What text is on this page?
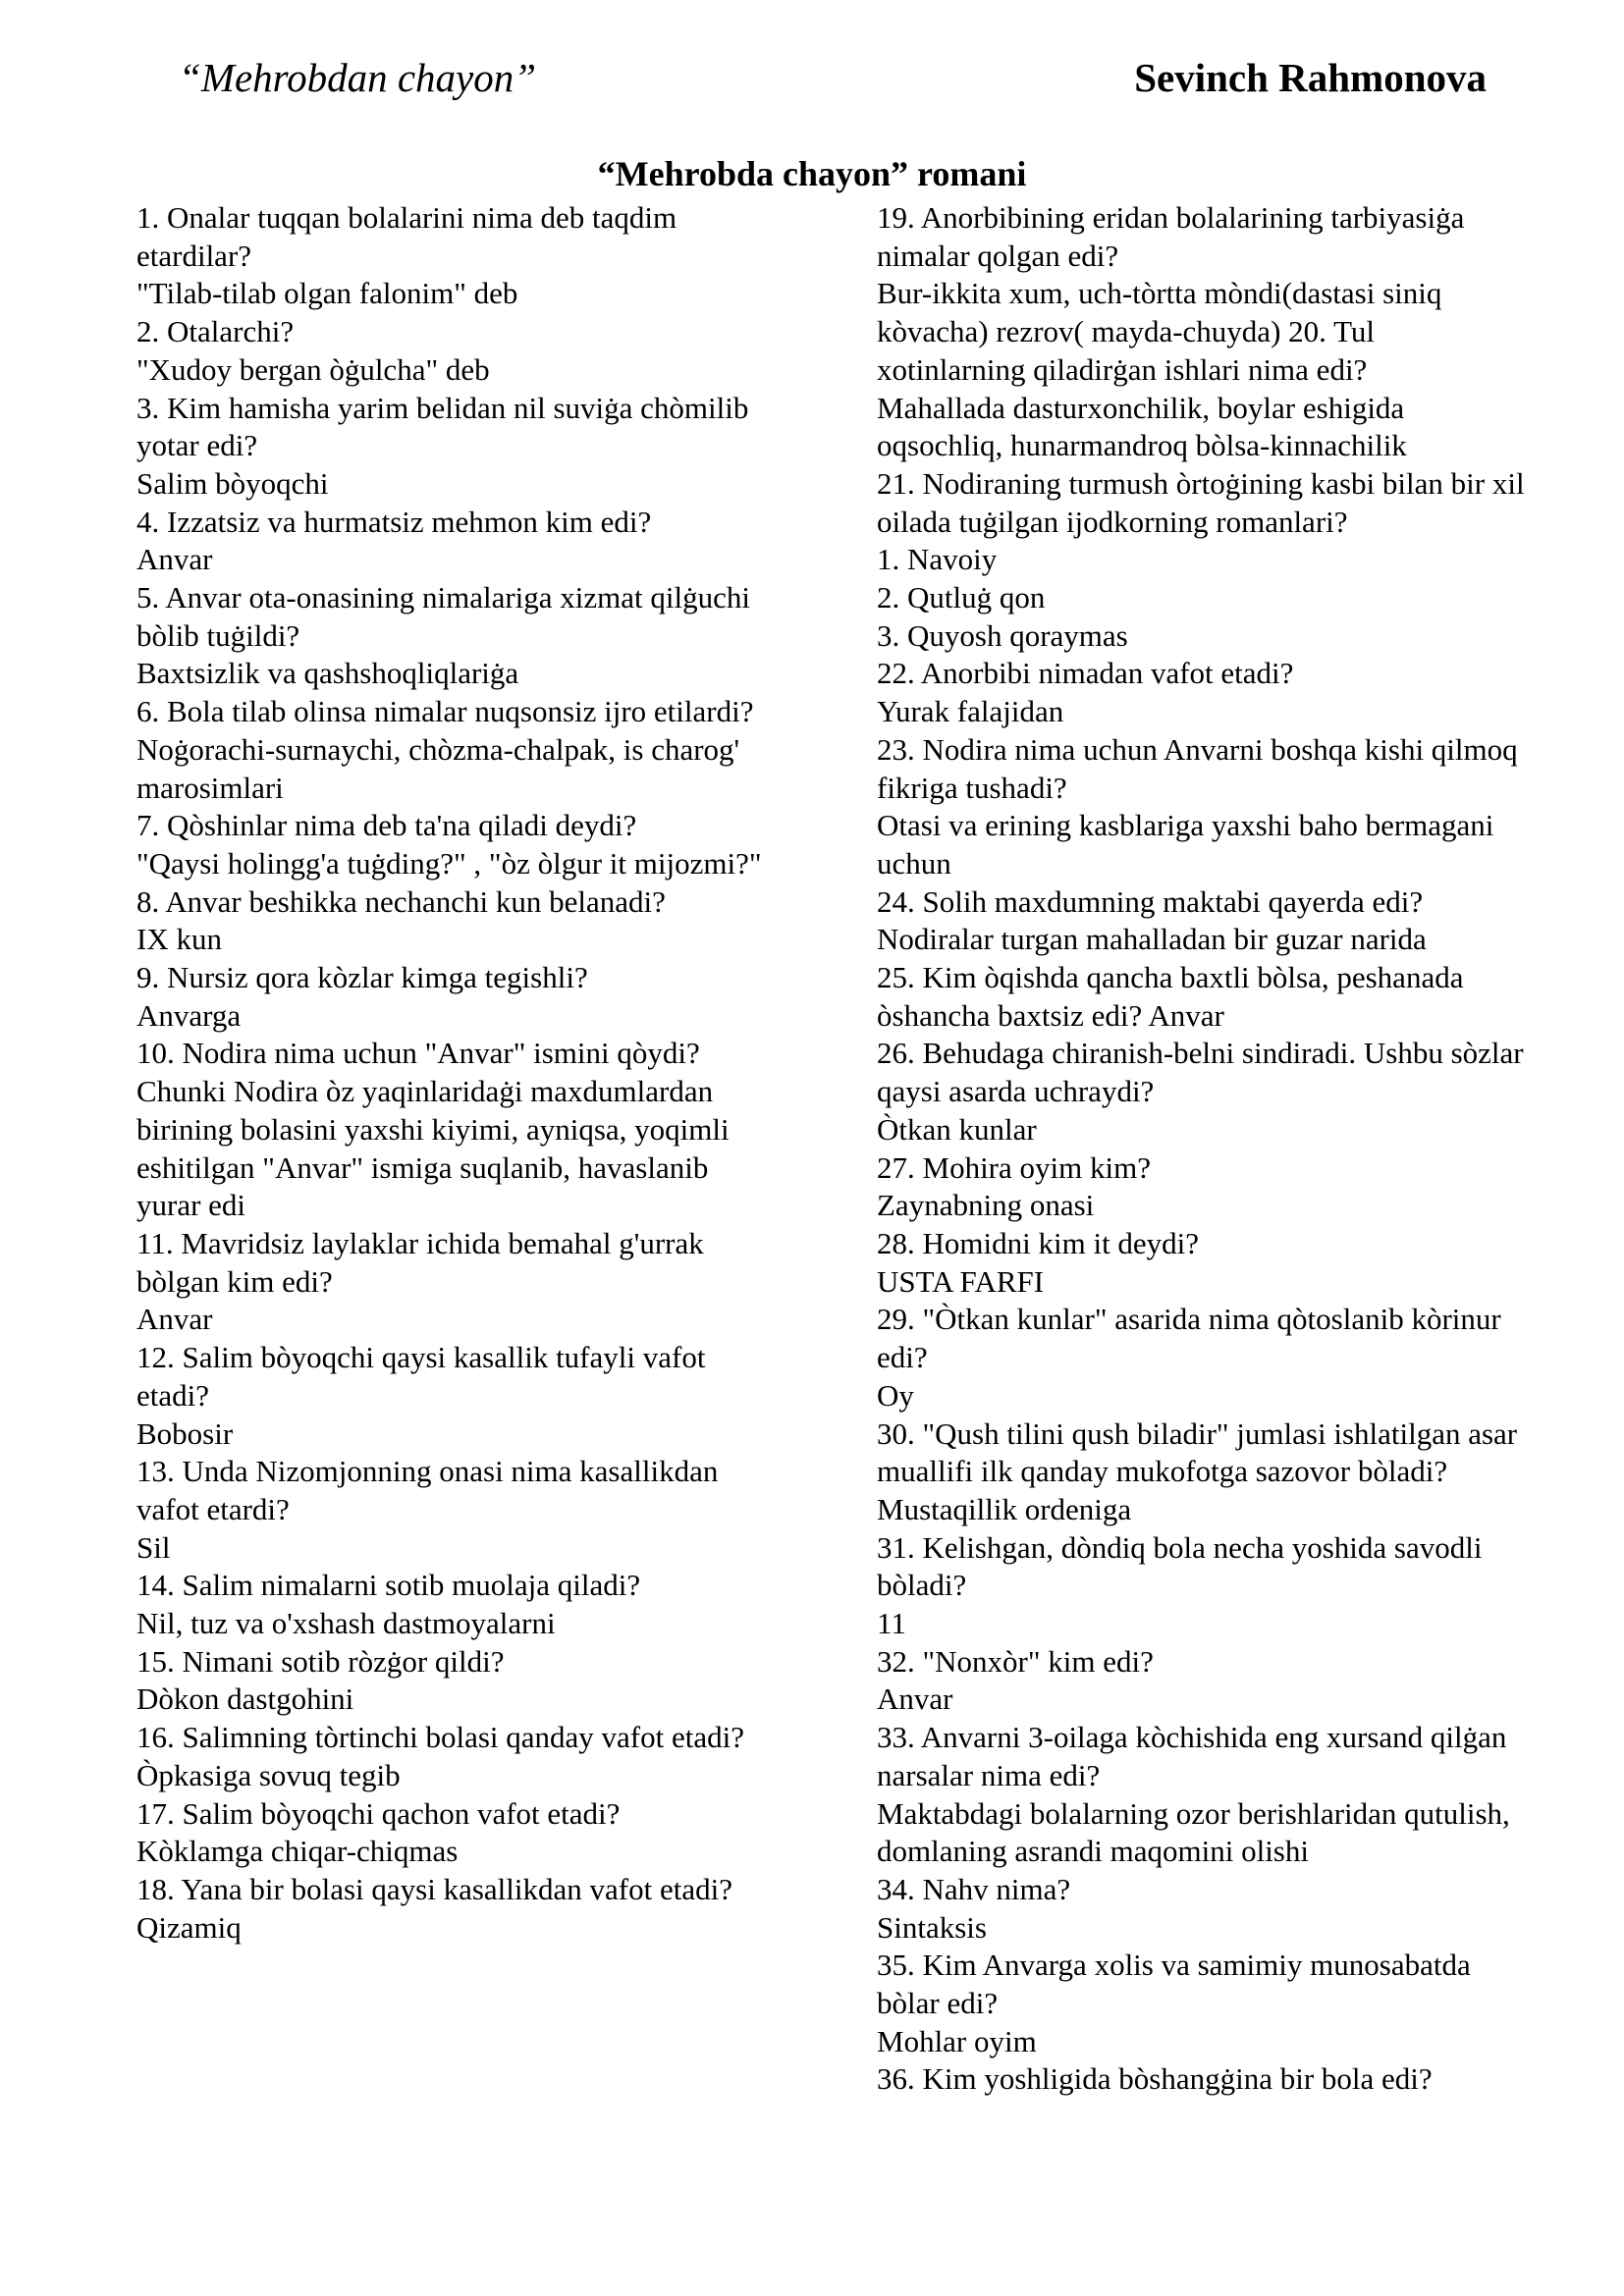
“Mehrobdan chayon”	Sevinch Rahmonova
“Mehrobda chayon” romani
1. Onalar tuqqan bolalarini nima deb taqdim etardilar?
"Tilab-tilab olgan falonim" deb
2. Otalarchi?
"Xudoy bergan òġulcha" deb
3. Kim hamisha yarim belidan nil suviġa chòmilib yotar edi?
Salim bòyoqchi
4. Izzatsiz va hurmatsiz mehmon kim edi?
Anvar
5. Anvar ota-onasining nimalariga xizmat qilġuchi bòlib tuġildi?
Baxtsizlik va qashshoqliqlariġa
6. Bola tilab olinsa nimalar nuqsonsiz ijro etilardi?
Noġorachi-surnaychi, chòzma-chalpak, is charog' marosimlari
7. Qòshinlar nima deb ta'na qiladi deydi?
"Qaysi holingg'a tuġding?" , "òz òlgur it mijozmi?"
8. Anvar beshikka nechanchi kun belanadi?
IX kun
9. Nursiz qora kòzlar kimga tegishli?
Anvarga
10. Nodira nima uchun "Anvar" ismini qòydi?
Chunki Nodira òz yaqinlaridaġi maxdumlardan birining bolasini yaxshi kiyimi, ayniqsa, yoqimli eshitilgan "Anvar" ismiga suqlanib, havaslanib yurar edi
11. Mavridsiz laylaklar ichida bemahal g'urrak bòlgan kim edi?
Anvar
12. Salim bòyoqchi qaysi kasallik tufayli vafot etadi?
Bobosir
13. Unda Nizomjonning onasi nima kasallikdan vafot etardi?
Sil
14. Salim nimalarni sotib muolaja qiladi?
Nil, tuz va o'xshash dastmoyalarni
15. Nimani sotib ròzġor qildi?
Dòkon dastgohini
16. Salimning tòrtinchi bolasi qanday vafot etadi?
Òpkasiga sovuq tegib
17. Salim bòyoqchi qachon vafot etadi?
Kòklamga chiqar-chiqmas
18. Yana bir bolasi qaysi kasallikdan vafot etadi?
Qizamiq
19. Anorbibining eridan bolalarining tarbiyasiġa nimalar qolgan edi?
Bur-ikkita xum, uch-tòrtta mòndi(dastasi siniq kòvacha) rezrov( mayda-chuyda) 20. Tul xotinlarning qiladirġan ishlari nima edi?
Mahallada dasturxonchilik, boylar eshigida oqsochliq, hunarmandroq bòlsa-kinnachilik
21. Nodiraning turmush òrtoġining kasbi bilan bir xil oilada tuġilgan ijodkorning romanlari?
1. Navoiy
2. Qutluġ qon
3. Quyosh qoraymas
22. Anorbibi nimadan vafot etadi?
Yurak falajidan
23. Nodira nima uchun Anvarni boshqa kishi qilmoq fikriga tushadi?
Otasi va erining kasblariga yaxshi baho bermagani uchun
24. Solih maxdumning maktabi qayerda edi?
Nodiralar turgan mahalladan bir guzar narida
25. Kim òqishda qancha baxtli bòlsa, peshanada òshancha baxtsiz edi? Anvar
26. Behudaga chiranish-belni sindiradi. Ushbu sòzlar qaysi asarda uchraydi?
Òtkan kunlar
27. Mohira oyim kim?
Zaynabning onasi
28. Homidni kim it deydi?
USTA FARFI
29. "Òtkan kunlar" asarida nima qòtoslanib kòrinur edi?
Oy
30. "Qush tilini qush biladir" jumlasi ishlatilgan asar muallifi ilk qanday mukofotga sazovor bòladi?
Mustaqillik ordeniga
31. Kelishgan, dòndiq bola necha yoshida savodli bòladi?
11
32. "Nonxòr" kim edi?
Anvar
33. Anvarni 3-oilaga kòchishida eng xursand qilġan narsalar nima edi?
Maktabdagi bolalarning ozor berishlaridan qutulish, domlaning asrandi maqomini olishi
34. Nahv nima?
Sintaksis
35. Kim Anvarga xolis va samimiy munosabatda bòlar edi?
Mohlar oyim
36. Kim yoshligida bòshangġina bir bola edi?
